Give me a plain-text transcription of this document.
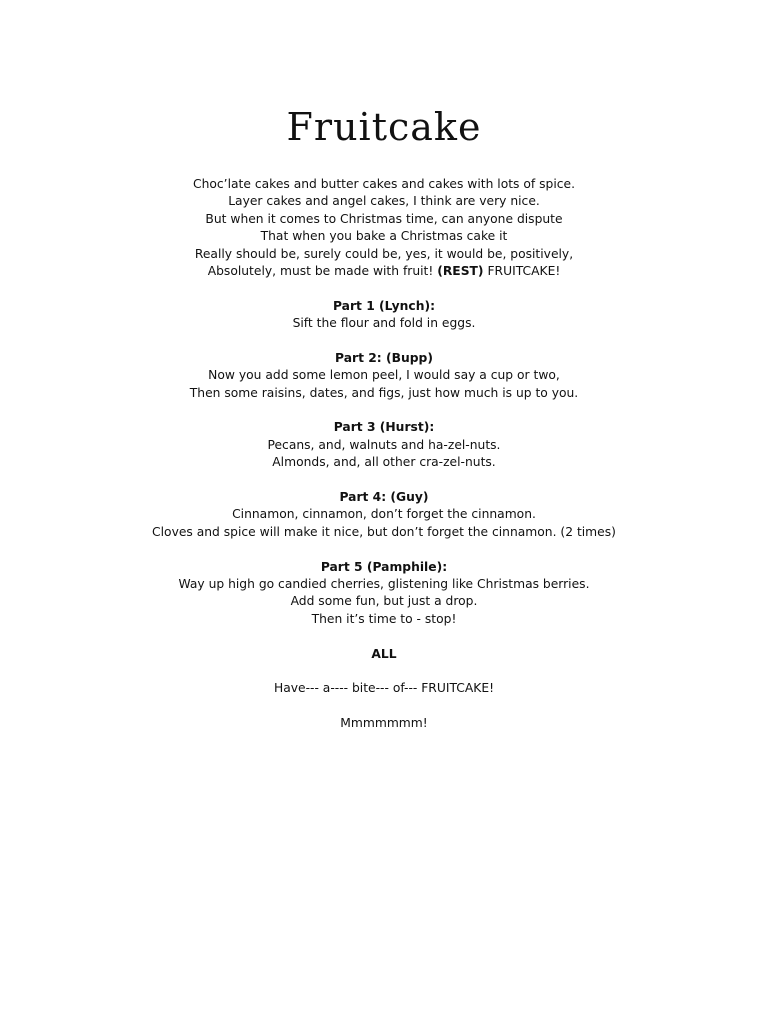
Fruitcake
Choc’late cakes and butter cakes and cakes with lots of spice.
Layer cakes and angel cakes, I think are very nice.
But when it comes to Christmas time, can anyone dispute
That when you bake a Christmas cake it
Really should be, surely could be, yes, it would be, positively,
Absolutely, must be made with fruit! (REST) FRUITCAKE!
Part 1 (Lynch):
Sift the flour and fold in eggs.
Part 2: (Bupp)
Now you add some lemon peel, I would say a cup or two,
Then some raisins, dates, and figs, just how much is up to you.
Part 3 (Hurst):
Pecans, and, walnuts and ha-zel-nuts.
Almonds, and, all other cra-zel-nuts.
Part 4: (Guy)
Cinnamon, cinnamon, don’t forget the cinnamon.
Cloves and spice will make it nice, but don’t forget the cinnamon. (2 times)
Part 5 (Pamphile):
Way up high go candied cherries, glistening like Christmas berries.
Add some fun, but just a drop.
Then it’s time to - stop!
ALL
Have--- a---- bite--- of--- FRUITCAKE!
Mmmmmmm!
